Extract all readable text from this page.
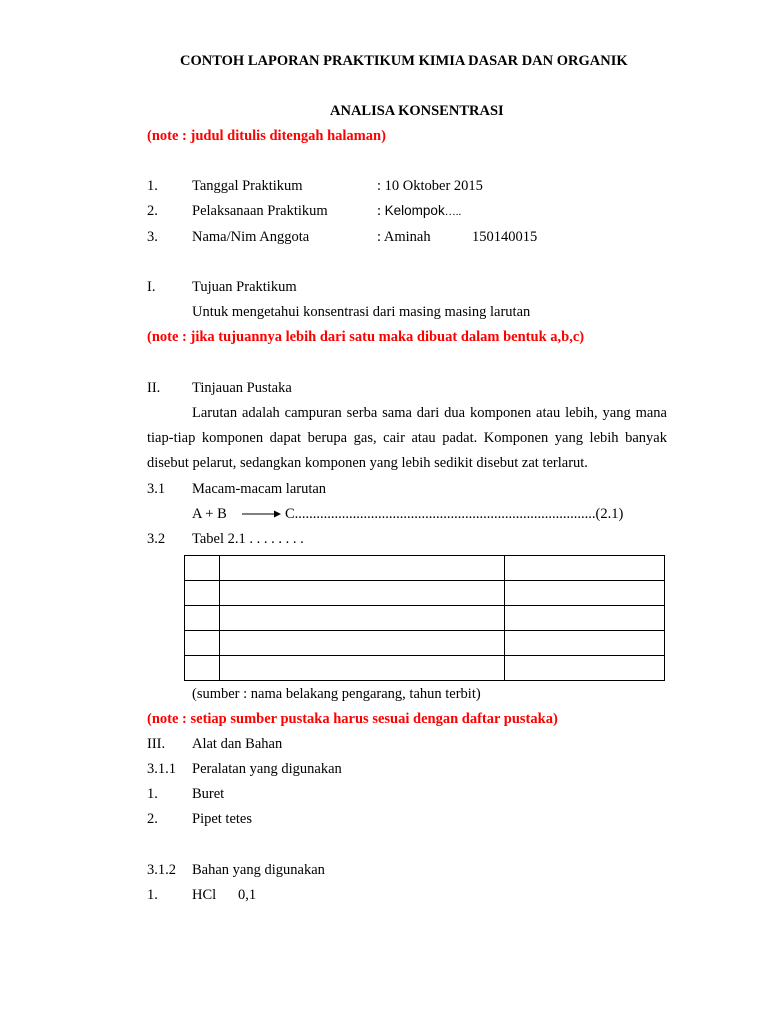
CONTOH LAPORAN PRAKTIKUM KIMIA DASAR DAN ORGANIK
ANALISA KONSENTRASI
(note : judul ditulis ditengah halaman)
1. Tanggal Praktikum	: 10 Oktober 2015
2. Pelaksanaan Praktikum	: Kelompok…..
3. Nama/Nim Anggota	: Aminah	150140015
I.	Tujuan Praktikum
Untuk mengetahui konsentrasi dari masing masing larutan
(note : jika tujuannya lebih dari satu maka dibuat dalam bentuk a,b,c)
II. Tinjauan Pustaka
Larutan adalah campuran serba sama dari dua komponen atau lebih, yang mana
tiap-tiap komponen dapat berupa gas, cair atau padat. Komponen yang lebih banyak
disebut pelarut, sedangkan komponen yang lebih sedikit disebut zat terlarut.
3.1 Macam-macam larutan
A + B → C...................................................................................(2.1)
3.2 Tabel 2.1 . . . . . . . .

(sumber : nama belakang pengarang, tahun terbit)
(note : setiap sumber pustaka harus sesuai dengan daftar pustaka)
III. Alat dan Bahan
3.1.1 Peralatan yang digunakan
1. Buret
2. Pipet tetes
3.1.2 Bahan yang digunakan
1. HCl 0,1
